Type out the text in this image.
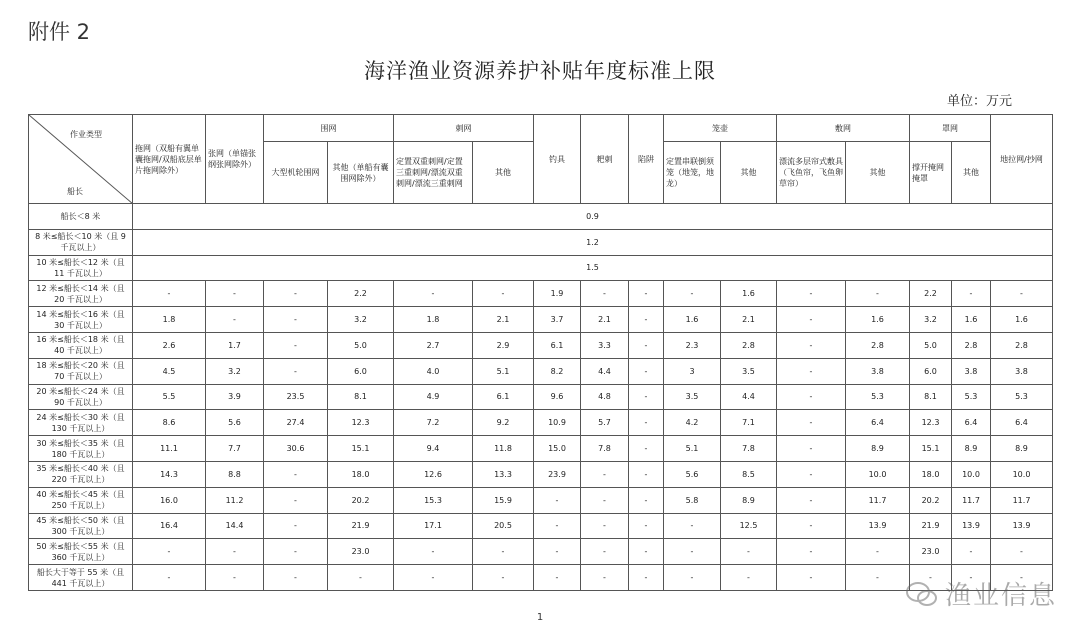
附件 2
海洋渔业资源养护补贴年度标准上限
单位：万元
作业类型
船长	拖网（双船有翼单囊拖网/双船底层单片拖网除外）	张网（单锚张纲张网除外）	围网		刺网		钓具	耙刺	陷阱	笼壶		敷网		罩网		地拉网/抄网
			大型机轮围网	其他（单船有囊围网除外）	定置双重刺网/定置三重刺网/漂流双重刺网/漂流三重刺网	其他				定置串联倒须笼（地笼，地龙）	其他	漂流多层帘式敷具（飞鱼帘，飞鱼卵草帘）	其他	撑开掩网掩罩	其他	
船长＜8 米	0.9															
8 米≤船长＜10 米（且 9 千瓦以上）	1.2															
10 米≤船长＜12 米（且 11 千瓦以上）	1.5															
12 米≤船长＜14 米（且 20 千瓦以上）	-	-	-	2.2	-	-	1.9	-	-	-	1.6	-	-	2.2	-	-
14 米≤船长＜16 米（且 30 千瓦以上）	1.8	-	-	3.2	1.8	2.1	3.7	2.1	-	1.6	2.1	-	1.6	3.2	1.6	1.6
16 米≤船长＜18 米（且 40 千瓦以上）	2.6	1.7	-	5.0	2.7	2.9	6.1	3.3	-	2.3	2.8	-	2.8	5.0	2.8	2.8
18 米≤船长＜20 米（且 70 千瓦以上）	4.5	3.2	-	6.0	4.0	5.1	8.2	4.4	-	3	3.5	-	3.8	6.0	3.8	3.8
20 米≤船长＜24 米（且 90 千瓦以上）	5.5	3.9	23.5	8.1	4.9	6.1	9.6	4.8	-	3.5	4.4	-	5.3	8.1	5.3	5.3
24 米≤船长＜30 米（且 130 千瓦以上）	8.6	5.6	27.4	12.3	7.2	9.2	10.9	5.7	-	4.2	7.1	-	6.4	12.3	6.4	6.4
30 米≤船长＜35 米（且 180 千瓦以上）	11.1	7.7	30.6	15.1	9.4	11.8	15.0	7.8	-	5.1	7.8	-	8.9	15.1	8.9	8.9
35 米≤船长＜40 米（且 220 千瓦以上）	14.3	8.8	-	18.0	12.6	13.3	23.9	-	-	5.6	8.5	-	10.0	18.0	10.0	10.0
40 米≤船长＜45 米（且 250 千瓦以上）	16.0	11.2	-	20.2	15.3	15.9	-	-	-	5.8	8.9	-	11.7	20.2	11.7	11.7
45 米≤船长＜50 米（且 300 千瓦以上）	16.4	14.4	-	21.9	17.1	20.5	-	-	-	-	12.5	-	13.9	21.9	13.9	13.9
50 米≤船长＜55 米（且 360 千瓦以上）	-	-	-	23.0	-	-	-	-	-	-	-	-	-	23.0	-	-
船长大于等于 55 米（且 441 千瓦以上）	-	-	-	-	-	-	-	-	-	-	-	-	-	-	-	-
渔业信息
1
